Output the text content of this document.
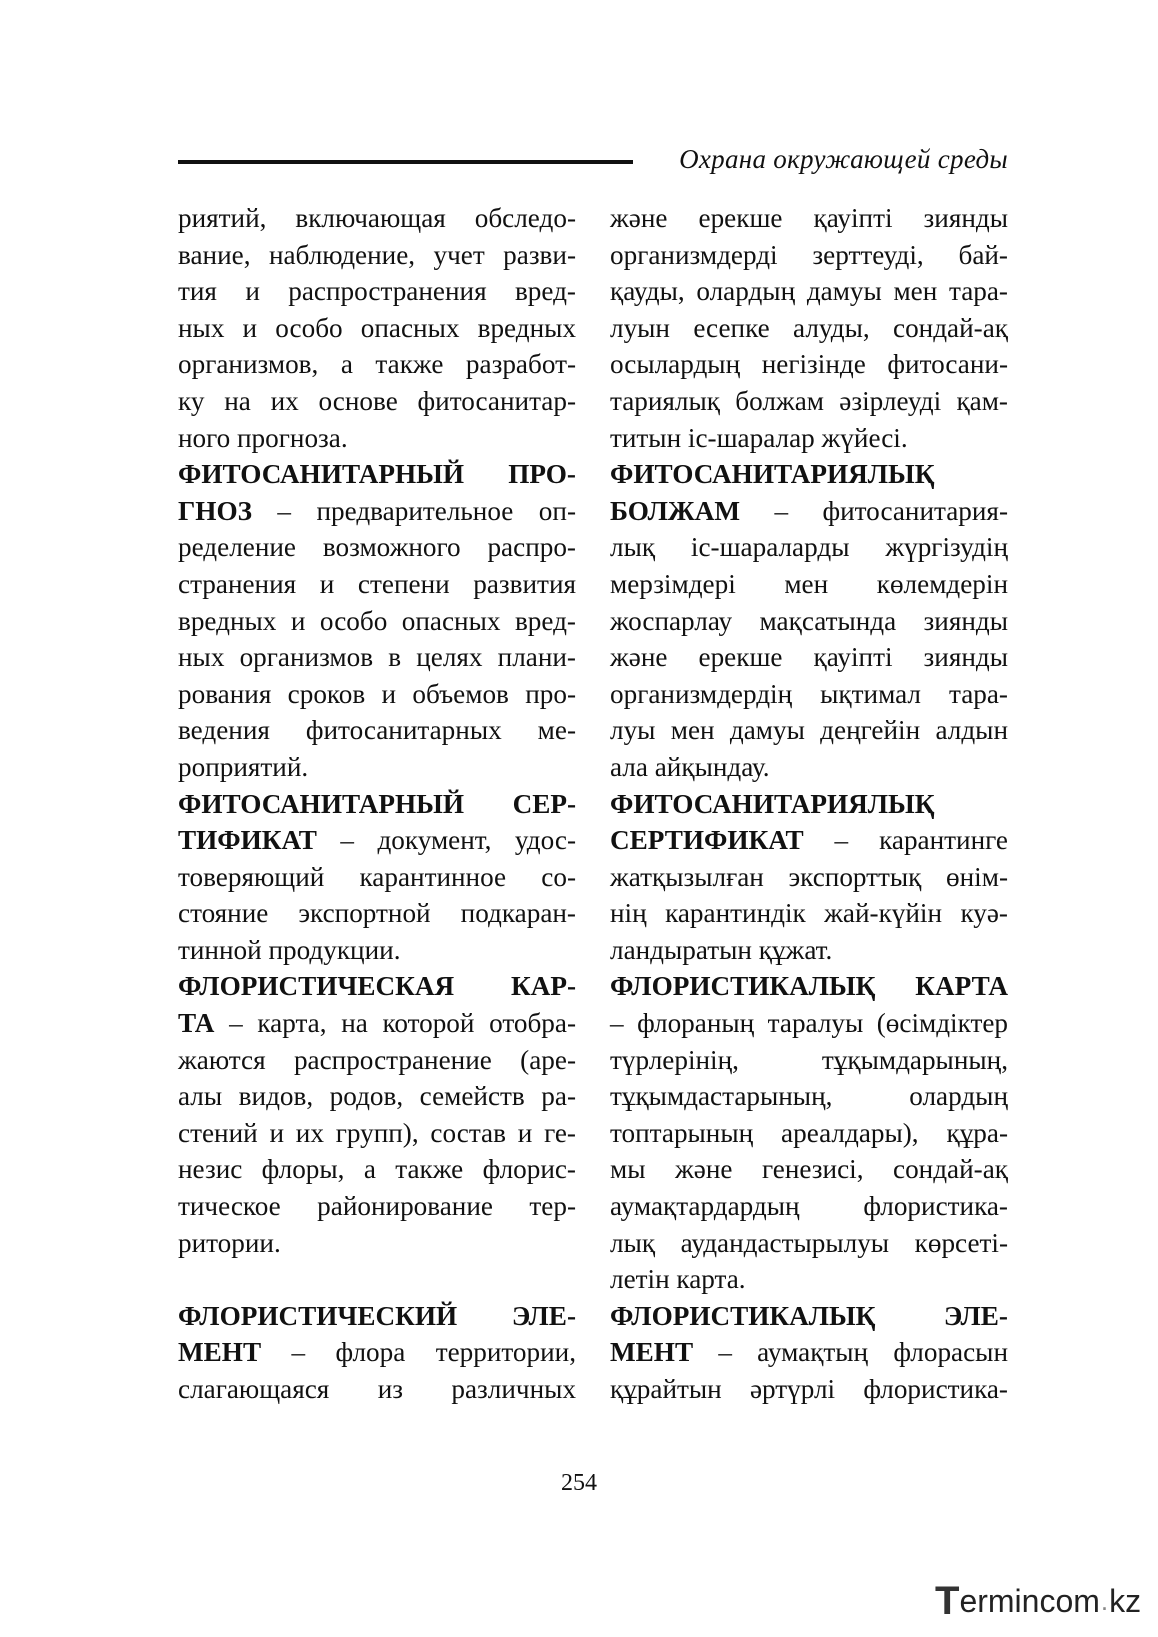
Охрана окружающей среды
риятий, включающая обследо-
вание, наблюдение, учет разви-
тия и распространения вред-
ных и особо опасных вредных
организмов, а также разработ-
ку на их основе фитосанитар-
ного прогноза.
ФИТОСАНИТАРНЫЙ ПРО-
ГНОЗ – предварительное оп-
ределение возможного распро-
странения и степени развития
вредных и особо опасных вред-
ных организмов в целях плани-
рования сроков и объемов про-
ведения фитосанитарных ме-
роприятий.
ФИТОСАНИТАРНЫЙ СЕР-
ТИФИКАТ – документ, удос-
товеряющий карантинное со-
стояние экспортной подкаран-
тинной продукции.
ФЛОРИСТИЧЕСКАЯ КАР-
ТА – карта, на которой отобра-
жаются распространение (аре-
алы видов, родов, семейств ра-
стений и их групп), состав и ге-
незис флоры, а также флорис-
тическое районирование тер-
ритории.
ФЛОРИСТИЧЕСКИЙ ЭЛЕ-
МЕНТ – флора территории,
слагающаяся из различных
және ерекше қауіпті зиянды
организмдерді зерттеуді, бай-
қауды, олардың дамуы мен тара-
луын есепке алуды, сондай-ақ
осылардың негізінде фитосани-
тариялық болжам әзірлеуді қам-
титын іс-шаралар жүйесі.
ФИТОСАНИТАРИЯЛЫҚ
БОЛЖАМ – фитосанитария-
лық іс-шараларды жүргізудің
мерзімдері мен көлемдерін
жоспарлау мақсатында зиянды
және ерекше қауіпті зиянды
организмдердің ықтимал тара-
луы мен дамуы деңгейін алдын
ала айқындау.
ФИТОСАНИТАРИЯЛЫҚ
СЕРТИФИКАТ – карантинге
жатқызылған экспорттық өнім-
нің карантиндік жай-күйін куә-
ландыратын құжат.
ФЛОРИСТИКАЛЫҚ КАРТА
– флораның таралуы (өсімдіктер
түрлерінің, тұқымдарының,
тұқымдастарының, олардың
топтарының ареалдары), құра-
мы және генезисі, сондай-ақ
аумақтардардың флористика-
лық аудандастырылуы көрсеті-
летін карта.
ФЛОРИСТИКАЛЫҚ ЭЛЕ-
МЕНТ – аумақтың флорасын
құрайтын әртүрлі флористика-
254
T ermincom . kz
